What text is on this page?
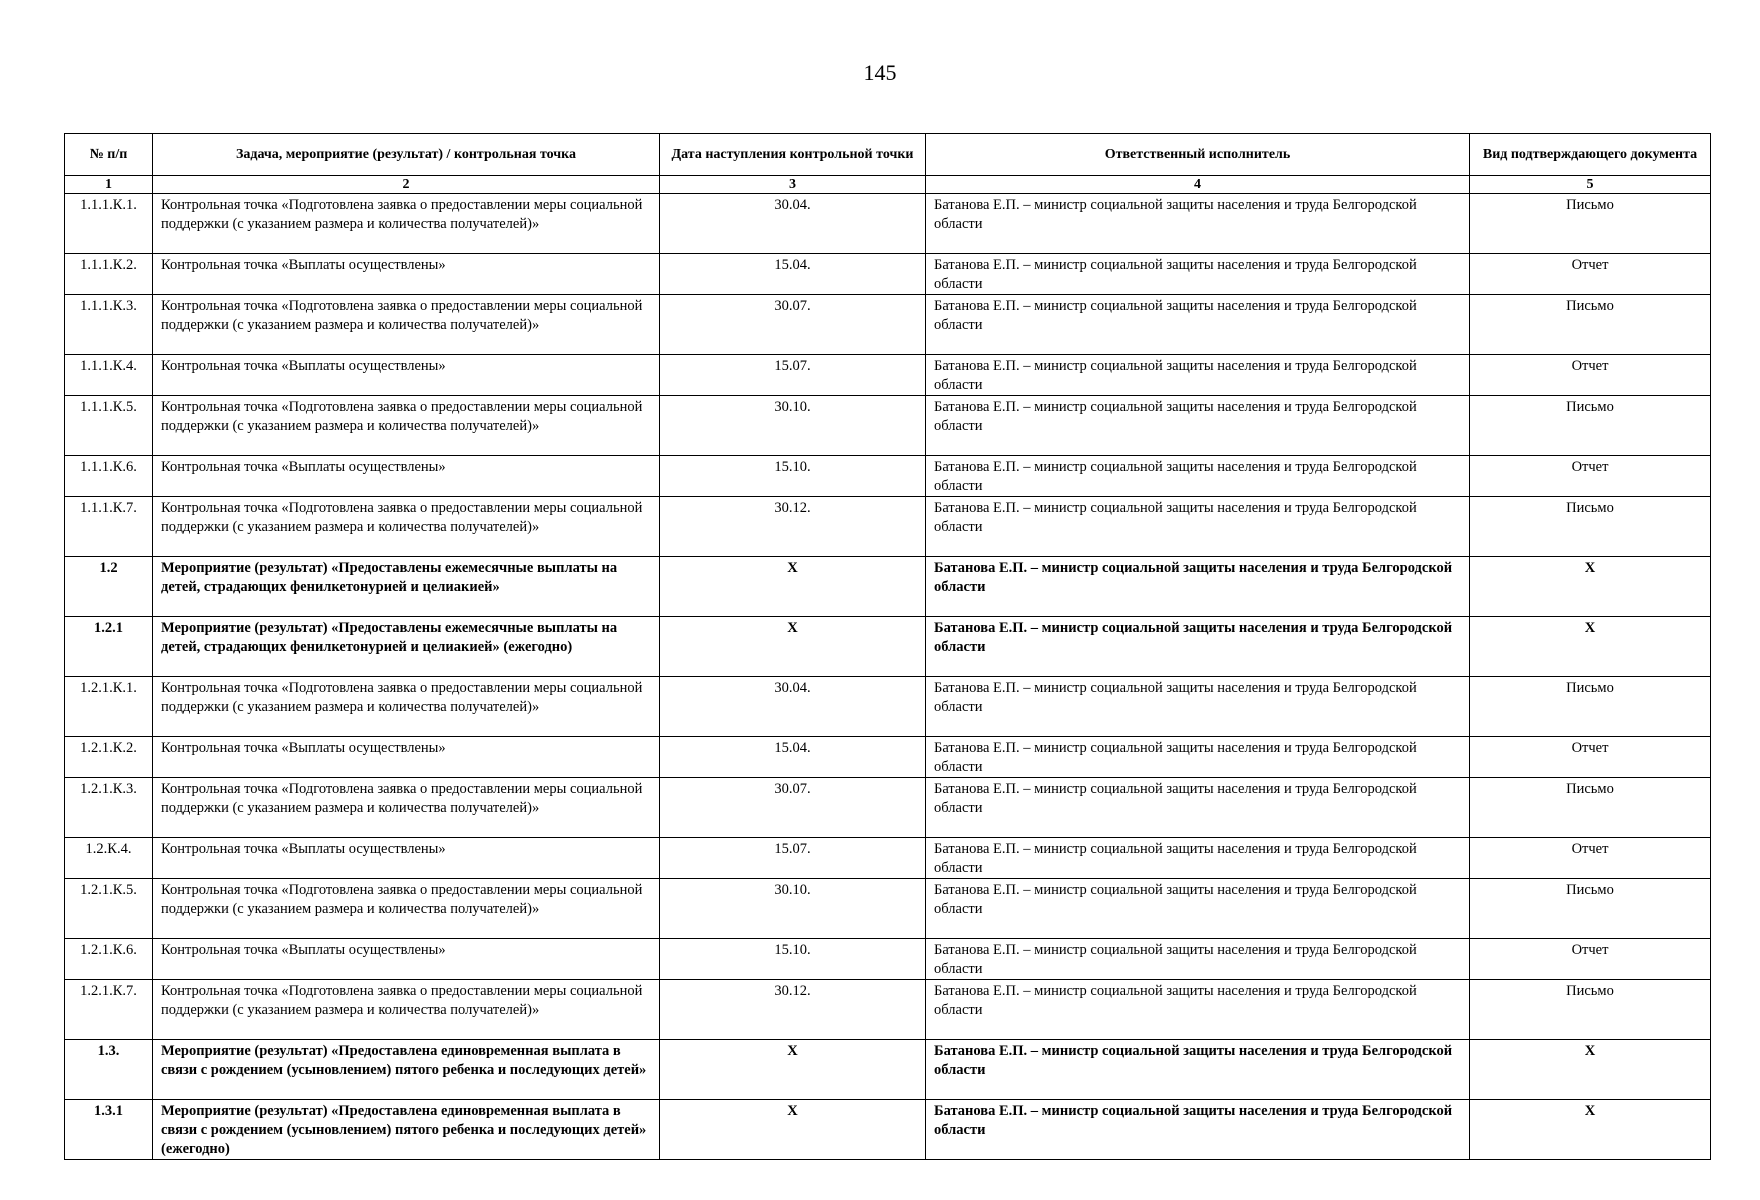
145
№ п/п	Задача, мероприятие (результат) / контрольная точка	Дата наступления контрольной точки	Ответственный исполнитель	Вид подтверждающего документа
1	2	3	4	5
1.1.1.К.1.	Контрольная точка «Подготовлена заявка о предоставлении меры социальной поддержки (с указанием размера и количества получателей)»	30.04.	Батанова Е.П. – министр социальной защиты населения и труда Белгородской области	Письмо
1.1.1.К.2.	Контрольная точка «Выплаты осуществлены»	15.04.	Батанова Е.П. – министр социальной защиты населения и труда Белгородской области	Отчет
1.1.1.К.3.	Контрольная точка «Подготовлена заявка о предоставлении меры социальной поддержки (с указанием размера и количества получателей)»	30.07.	Батанова Е.П. – министр социальной защиты населения и труда Белгородской области	Письмо
1.1.1.К.4.	Контрольная точка «Выплаты осуществлены»	15.07.	Батанова Е.П. – министр социальной защиты населения и труда Белгородской области	Отчет
1.1.1.К.5.	Контрольная точка «Подготовлена заявка о предоставлении меры социальной поддержки (с указанием размера и количества получателей)»	30.10.	Батанова Е.П. – министр социальной защиты населения и труда Белгородской области	Письмо
1.1.1.К.6.	Контрольная точка «Выплаты осуществлены»	15.10.	Батанова Е.П. – министр социальной защиты населения и труда Белгородской области	Отчет
1.1.1.К.7.	Контрольная точка «Подготовлена заявка о предоставлении меры социальной поддержки (с указанием размера и количества получателей)»	30.12.	Батанова Е.П. – министр социальной защиты населения и труда Белгородской области	Письмо
1.2	Мероприятие (результат) «Предоставлены ежемесячные выплаты на детей, страдающих фенилкетонурией и целиакией»	X	Батанова Е.П. – министр социальной защиты населения и труда Белгородской области	X
1.2.1	Мероприятие (результат) «Предоставлены ежемесячные выплаты на детей, страдающих фенилкетонурией и целиакией» (ежегодно)	X	Батанова Е.П. – министр социальной защиты населения и труда Белгородской области	X
1.2.1.К.1.	Контрольная точка «Подготовлена заявка о предоставлении меры социальной поддержки (с указанием размера и количества получателей)»	30.04.	Батанова Е.П. – министр социальной защиты населения и труда Белгородской области	Письмо
1.2.1.К.2.	Контрольная точка «Выплаты осуществлены»	15.04.	Батанова Е.П. – министр социальной защиты населения и труда Белгородской области	Отчет
1.2.1.К.3.	Контрольная точка «Подготовлена заявка о предоставлении меры социальной поддержки (с указанием размера и количества получателей)»	30.07.	Батанова Е.П. – министр социальной защиты населения и труда Белгородской области	Письмо
1.2.К.4.	Контрольная точка «Выплаты осуществлены»	15.07.	Батанова Е.П. – министр социальной защиты населения и труда Белгородской области	Отчет
1.2.1.К.5.	Контрольная точка «Подготовлена заявка о предоставлении меры социальной поддержки (с указанием размера и количества получателей)»	30.10.	Батанова Е.П. – министр социальной защиты населения и труда Белгородской области	Письмо
1.2.1.К.6.	Контрольная точка «Выплаты осуществлены»	15.10.	Батанова Е.П. – министр социальной защиты населения и труда Белгородской области	Отчет
1.2.1.К.7.	Контрольная точка «Подготовлена заявка о предоставлении меры социальной поддержки (с указанием размера и количества получателей)»	30.12.	Батанова Е.П. – министр социальной защиты населения и труда Белгородской области	Письмо
1.3.	Мероприятие (результат) «Предоставлена единовременная выплата в связи с рождением (усыновлением) пятого ребенка и последующих детей»	X	Батанова Е.П. – министр социальной защиты населения и труда Белгородской области	X
1.3.1	Мероприятие (результат) «Предоставлена единовременная выплата в связи с рождением (усыновлением) пятого ребенка и последующих детей» (ежегодно)	X	Батанова Е.П. – министр социальной защиты населения и труда Белгородской области	X
